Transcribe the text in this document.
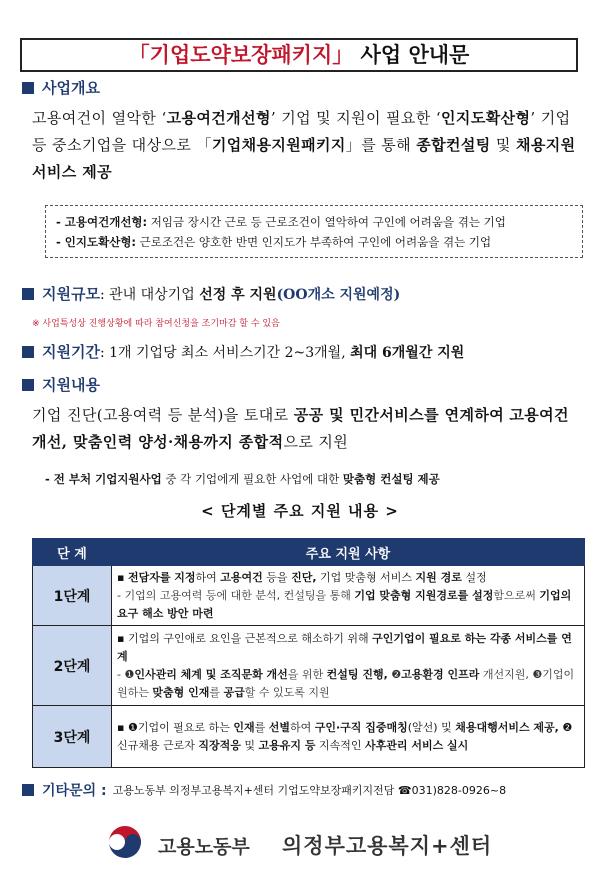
「기업도약보장패키지」 사업 안내문
사업개요
고용여건이 열악한 ‘고용여건개선형’ 기업 및 지원이 필요한 ‘인지도확산형’ 기업 등 중소기업을 대상으로 「기업채용지원패키지」를 통해 종합컨설팅 및 채용지원서비스 제공
- 고용여건개선형: 저임금 장시간 근로 등 근로조건이 열악하여 구인에 어려움을 겪는 기업
- 인지도확산형: 근로조건은 양호한 반면 인지도가 부족하여 구인에 어려움을 겪는 기업
지원규모 : 관내 대상기업 선정 후 지원(OO개소 지원예정)
※ 사업특성상 진행상황에 따라 참여신청을 조기마감 할 수 있음
지원기간 : 1개 기업당 최소 서비스기간 2~3개월, 최대 6개월간 지원
지원내용
기업 진단(고용여력 등 분석)을 토대로 공공 및 민간서비스를 연계하여 고용여건 개선, 맞춤인력 양성·채용까지 종합적으로 지원
- 전 부처 기업지원사업 중 각 기업에게 필요한 사업에 대한 맞춤형 컨설팅 제공
< 단계별 주요 지원 내용 >
단 계	주요 지원 사항
1단계	▪ 전담자를 지정하여 고용여건 등을 진단, 기업 맞춤형 서비스 지원 경로 설정
- 기업의 고용여력 등에 대한 분석, 컨설팅을 통해 기업 맞춤형 지원경로를 설정함으로써 기업의 요구 해소 방안 마련

2단계	▪ 기업의 구인애로 요인을 근본적으로 해소하기 위해 구인기업이 필요로 하는 각종 서비스를 연계
- ❶인사관리 체계 및 조직문화 개선을 위한 컨설팅 진행, ❷고용환경 인프라 개선지원, ❸기업이 원하는 맞춤형 인재를 공급할 수 있도록 지원

3단계	▪ ❶기업이 필요로 하는 인재를 선별하여 구인·구직 집중매칭(알선) 및 채용대행서비스 제공, ❷신규채용 근로자 직장적응 및 고용유지 등 지속적인 사후관리 서비스 실시
기타문의 : 고용노동부 의정부고용복지+센터 기업도약보장패키지전담 ☎031)828-0926~8
고용노동부 의정부고용복지+센터
